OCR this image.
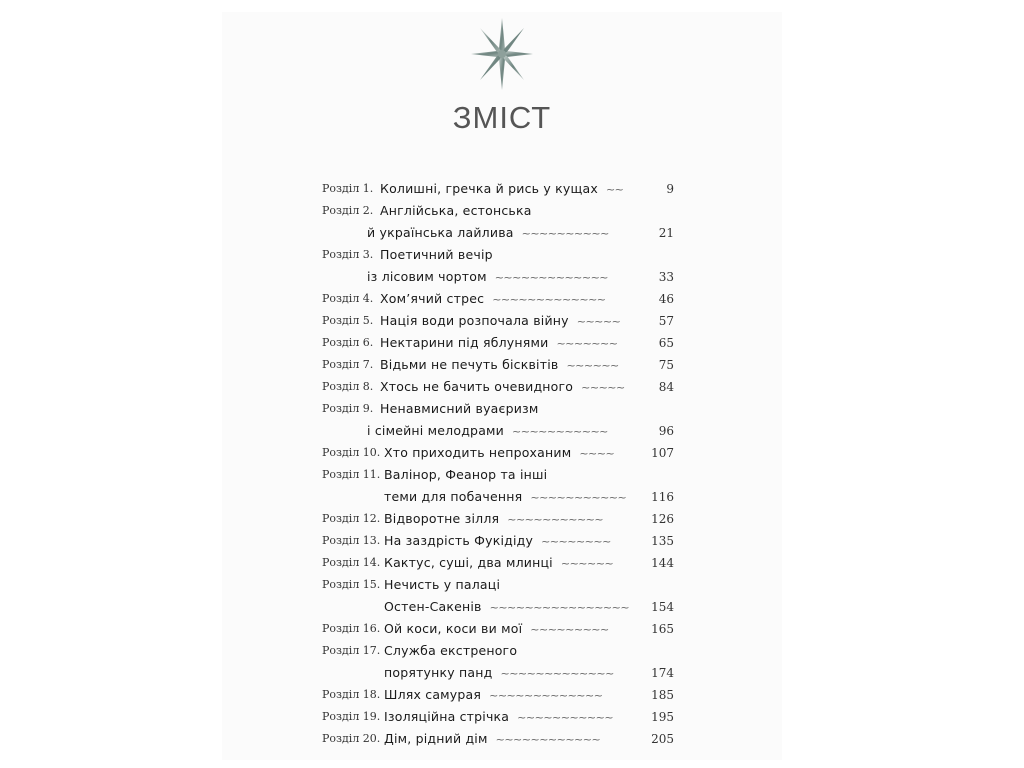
ЗМІСТ
Розділ 1. Колишні, гречка й рись у кущах ~~	9
Розділ 2. Англійська, естонська
й українська лайлива ~~~~~~~~~~	21
Розділ 3. Поетичний вечір
із лісовим чортом ~~~~~~~~~~~~~	33
Розділ 4. Хом’ячий стрес ~~~~~~~~~~~~~	46
Розділ 5. Нація води розпочала війну ~~~~~	57
Розділ 6. Нектарини під яблунями ~~~~~~~	65
Розділ 7. Відьми не печуть бісквітів ~~~~~~	75
Розділ 8. Хтось не бачить очевидного ~~~~~	84
Розділ 9. Ненавмисний вуаєризм
і сімейні мелодрами ~~~~~~~~~~~	96
Розділ 10. Хто приходить непроханим ~~~~	107
Розділ 11. Валінор, Феанор та інші
теми для побачення ~~~~~~~~~~~ 116
Розділ 12. Відворотне зілля ~~~~~~~~~~~	126
Розділ 13. На заздрість Фукідіду ~~~~~~~~	135
Розділ 14. Кактус, суші, два млинці ~~~~~~	144
Розділ 15. Нечисть у палаці
Остен-Сакенів ~~~~~~~~~~~~~~~~ 154
Розділ 16. Ой коси, коси ви мої ~~~~~~~~~	165
Розділ 17. Служба екстреного
порятунку панд ~~~~~~~~~~~~~	174
Розділ 18. Шлях самурая ~~~~~~~~~~~~~	185
Розділ 19. Ізоляційна стрічка ~~~~~~~~~~~	195
Розділ 20. Дім, рідний дім ~~~~~~~~~~~~	205
